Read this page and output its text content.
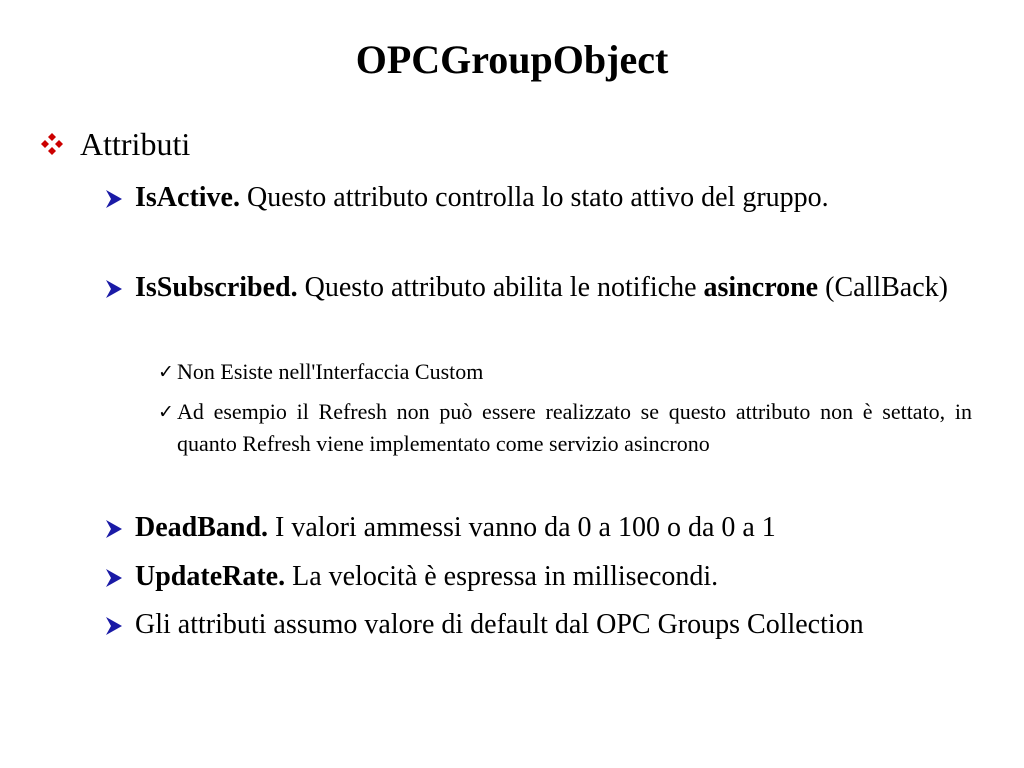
OPCGroupObject
Attributi
IsActive. Questo attributo controlla lo stato attivo del gruppo.
IsSubscribed. Questo attributo abilita le notifiche asincrone (CallBack)
✓ Non Esiste nell'Interfaccia Custom
✓ Ad esempio il Refresh non può essere realizzato se questo attributo non è settato, in quanto Refresh viene implementato come servizio asincrono
DeadBand. I valori ammessi vanno da 0 a 100 o da 0 a 1
UpdateRate. La velocità è espressa in millisecondi.
Gli attributi assumo valore di default dal OPC Groups Collection
